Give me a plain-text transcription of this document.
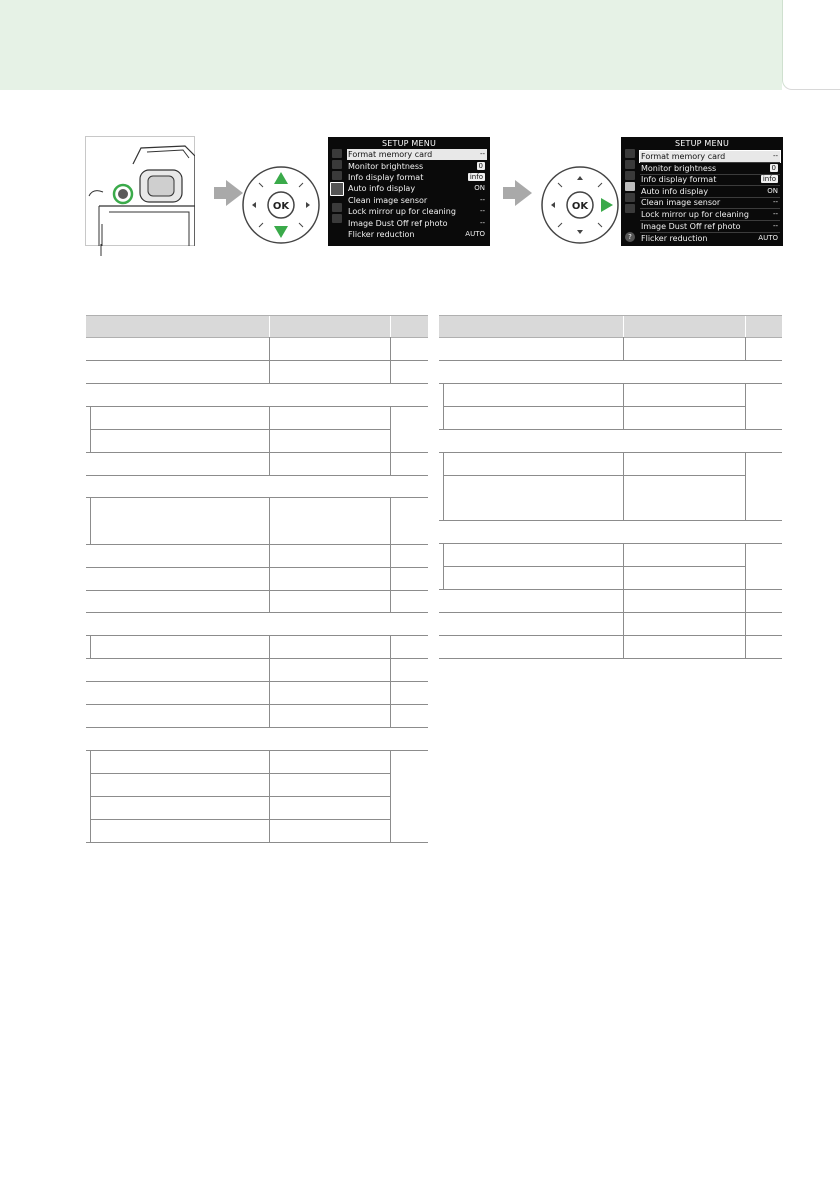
OK
SETUP MENU
Format memory card	--
Monitor brightness	0
Info display format	info
Auto info display	ON
Clean image sensor	--
Lock mirror up for cleaning	--
Image Dust Off ref photo	--
Flicker reduction	AUTO
OK
SETUP MENU
?
Format memory card	--
Monitor brightness	0
Info display format	info
Auto info display	ON
Clean image sensor	--
Lock mirror up for cleaning	--
Image Dust Off ref photo	--
Flicker reduction	AUTO
